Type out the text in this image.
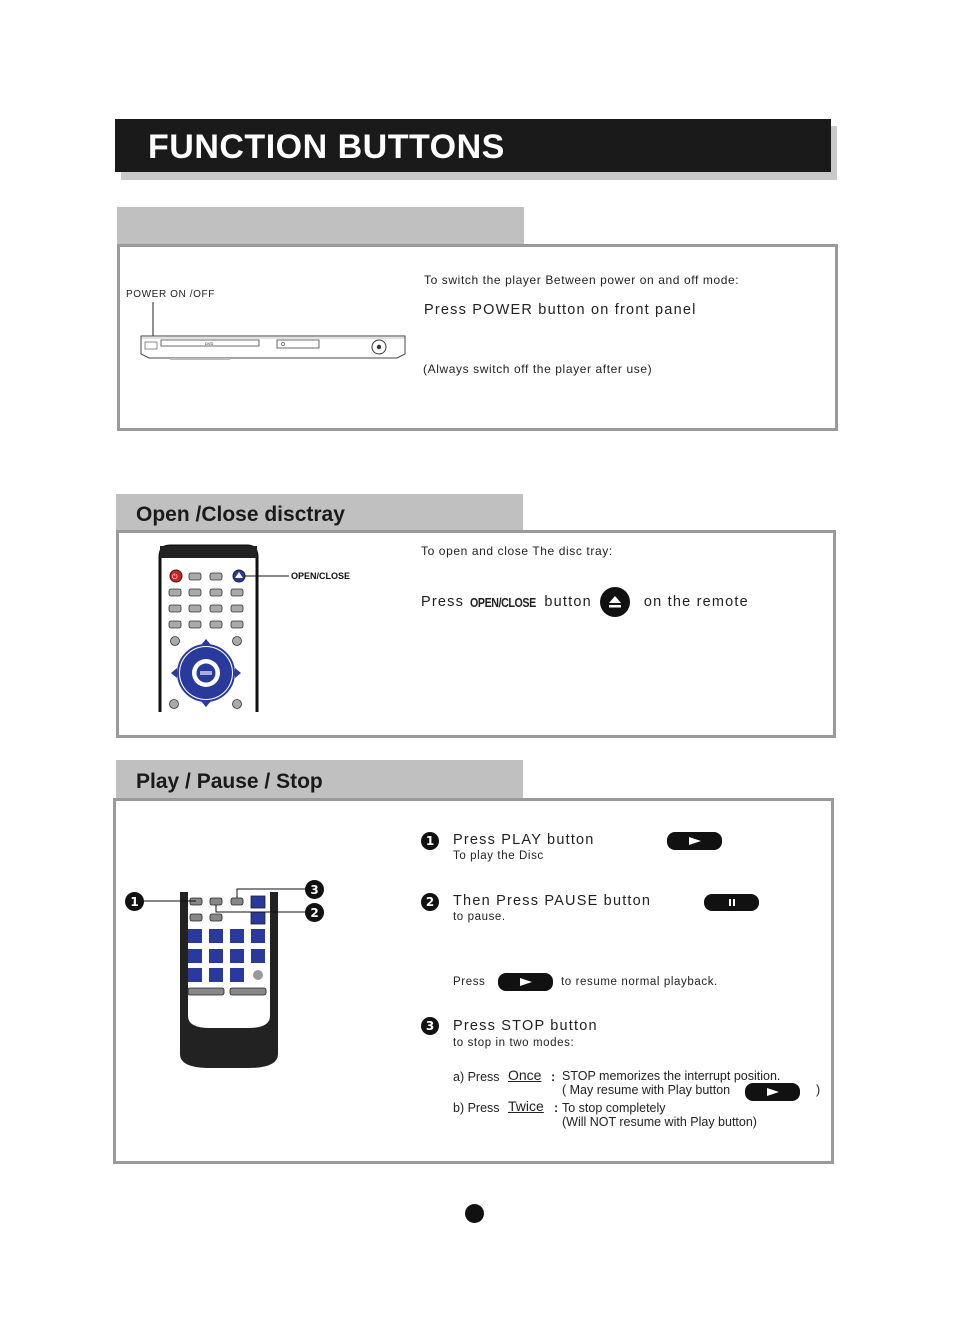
FUNCTION BUTTONS
POWER ON /OFF
DVD
To switch the player Between power on and off mode:
Press POWER button on front panel
(Always switch off the player after use)
Open /Close disctray
⏻	OPEN/CLOSE
To open and close The disc tray:
Press OPEN/CLOSE button	on the remote
Play / Pause / Stop
1
2
3
1	Press PLAY button
To play the Disc
2	Then Press PAUSE button
to pause.
Press	to resume normal playback.
3	Press STOP button
to stop in two modes:
a) Press Once : STOP memorizes the interrupt position.
( May resume with Play button	)
b) Press Twice : To stop completely
(Will NOT resume with Play button)
